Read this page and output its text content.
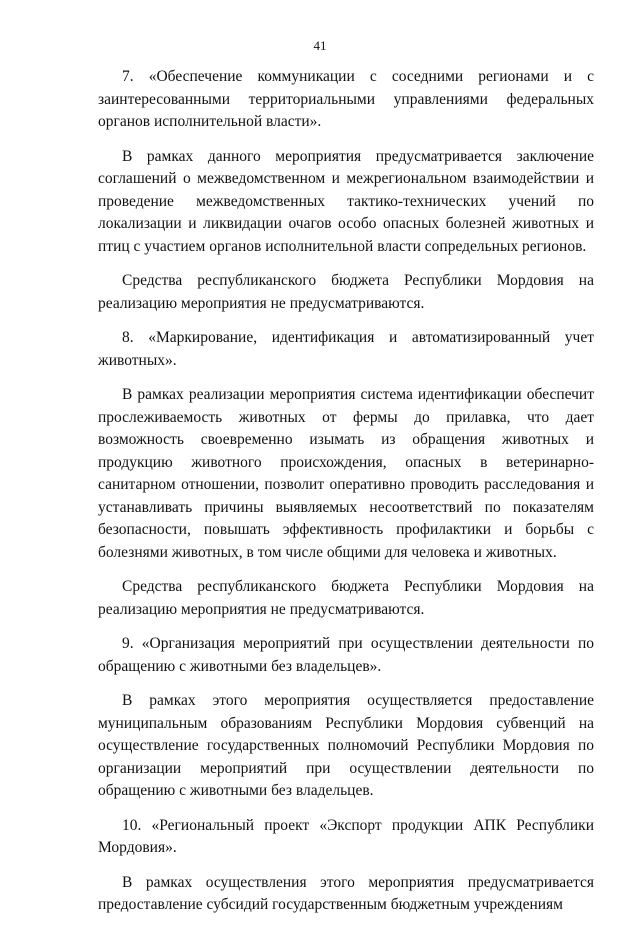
41

7. «Обеспечение коммуникации с соседними регионами и с заинтересованными территориальными управлениями федеральных органов исполнительной власти».

В рамках данного мероприятия предусматривается заключение соглашений о межведомственном и межрегиональном взаимодействии и проведение межведомственных тактико-технических учений по локализации и ликвидации очагов особо опасных болезней животных и птиц с участием органов исполнительной власти сопредельных регионов.

Средства республиканского бюджета Республики Мордовия на реализацию мероприятия не предусматриваются.

8. «Маркирование, идентификация и автоматизированный учет животных».

В рамках реализации мероприятия система идентификации обеспечит прослеживаемость животных от фермы до прилавка, что дает возможность своевременно изымать из обращения животных и продукцию животного происхождения, опасных в ветеринарно-санитарном отношении, позволит оперативно проводить расследования и устанавливать причины выявляемых несоответствий по показателям безопасности, повышать эффективность профилактики и борьбы с болезнями животных, в том числе общими для человека и животных.

Средства республиканского бюджета Республики Мордовия на реализацию мероприятия не предусматриваются.

9. «Организация мероприятий при осуществлении деятельности по обращению с животными без владельцев».

В рамках этого мероприятия осуществляется предоставление муниципальным образованиям Республики Мордовия субвенций на осуществление государственных полномочий Республики Мордовия по организации мероприятий при осуществлении деятельности по обращению с животными без владельцев.

10. «Региональный проект «Экспорт продукции АПК Республики Мордовия».

В рамках осуществления этого мероприятия предусматривается предоставление субсидий государственным бюджетным учреждениям
